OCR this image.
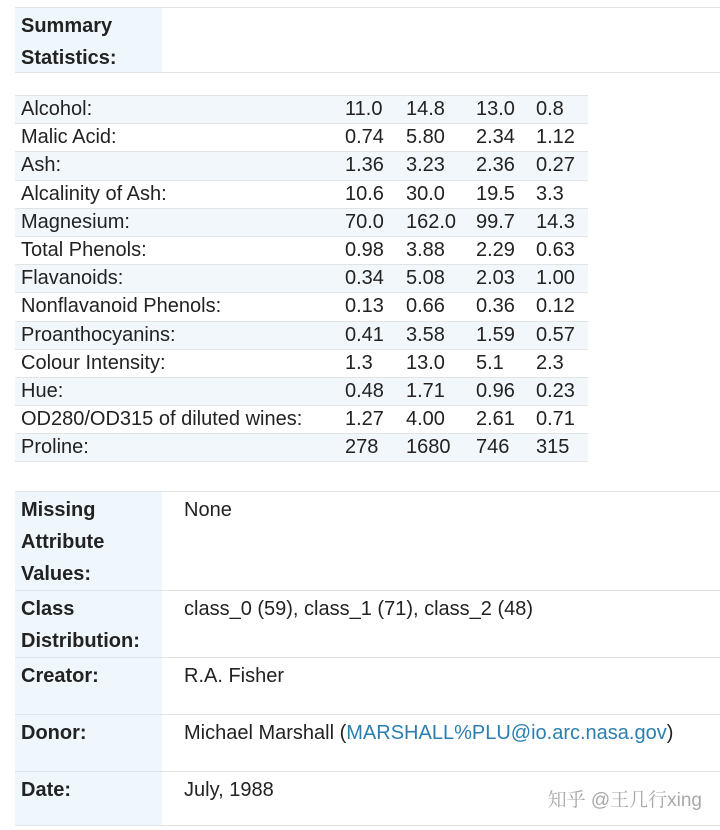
Summary Statistics:
Alcohol:	11.0	14.8	13.0	0.8
Malic Acid:	0.74	5.80	2.34	1.12
Ash:	1.36	3.23	2.36	0.27
Alcalinity of Ash:	10.6	30.0	19.5	3.3
Magnesium:	70.0	162.0	99.7	14.3
Total Phenols:	0.98	3.88	2.29	0.63
Flavanoids:	0.34	5.08	2.03	1.00
Nonflavanoid Phenols:	0.13	0.66	0.36	0.12
Proanthocyanins:	0.41	3.58	1.59	0.57
Colour Intensity:	1.3	13.0	5.1	2.3
Hue:	0.48	1.71	0.96	0.23
OD280/OD315 of diluted wines:	1.27	4.00	2.61	0.71
Proline:	278	1680	746	315
Missing Attribute Values:
None
Class Distribution:
class_0 (59), class_1 (71), class_2 (48)
Creator:	R.A. Fisher
Donor:	Michael Marshall (MARSHALL%PLU@io.arc.nasa.gov)
Date:	July, 1988	知乎 @王几行xing
